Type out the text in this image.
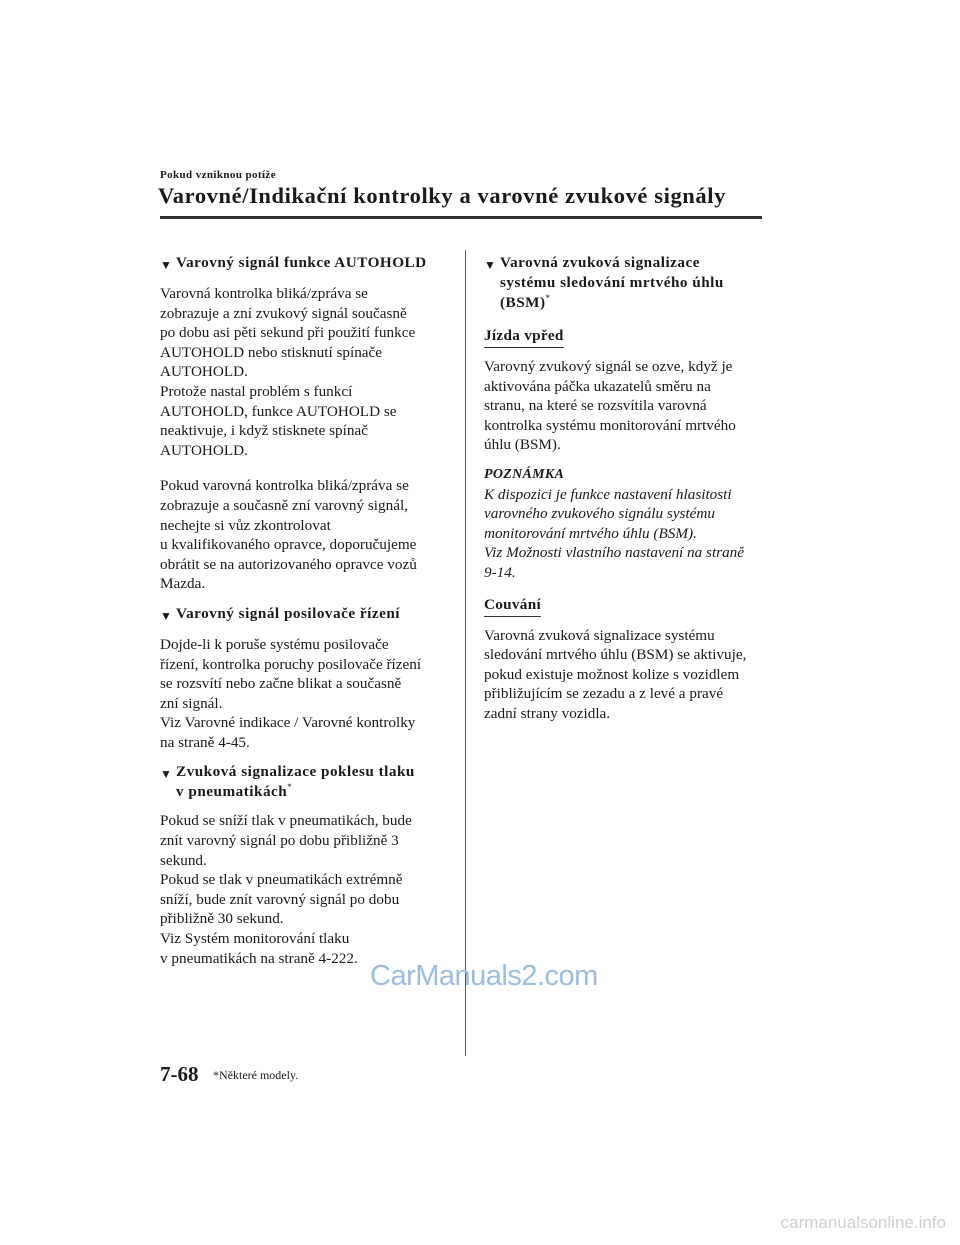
Pokud vzniknou potíže
Varovné/Indikační kontrolky a varovné zvukové signály
▼ Varovný signál funkce AUTOHOLD

Varovná kontrolka bliká/zpráva se
zobrazuje a zní zvukový signál současně
po dobu asi pěti sekund při použití funkce
AUTOHOLD nebo stisknutí spínače
AUTOHOLD.
Protože nastal problém s funkcí
AUTOHOLD, funkce AUTOHOLD se
neaktivuje, i když stisknete spínač
AUTOHOLD.

Pokud varovná kontrolka bliká/zpráva se
zobrazuje a současně zní varovný signál,
nechejte si vůz zkontrolovat
u kvalifikovaného opravce, doporučujeme
obrátit se na autorizovaného opravce vozů
Mazda.

▼ Varovný signál posilovače řízení

Dojde-li k poruše systému posilovače
řízení, kontrolka poruchy posilovače řízení
se rozsvítí nebo začne blikat a současně
zní signál.
Viz Varovné indikace / Varovné kontrolky
na straně 4-45.

▼ Zvuková signalizace poklesu tlaku
v pneumatikách*

Pokud se sníží tlak v pneumatikách, bude
znít varovný signál po dobu přibližně 3
sekund.
Pokud se tlak v pneumatikách extrémně
sníží, bude znít varovný signál po dobu
přibližně 30 sekund.
Viz Systém monitorování tlaku
v pneumatikách na straně 4-222.

▼ Varovná zvuková signalizace
systému sledování mrtvého úhlu
(BSM)*
Jízda vpřed

Varovný zvukový signál se ozve, když je
aktivována páčka ukazatelů směru na
stranu, na které se rozsvítila varovná
kontrolka systému monitorování mrtvého
úhlu (BSM).

POZNÁMKA

K dispozici je funkce nastavení hlasitosti
varovného zvukového signálu systému
monitorování mrtvého úhlu (BSM).
Viz Možnosti vlastního nastavení na straně
9-14.

Couvání

Varovná zvuková signalizace systému
sledování mrtvého úhlu (BSM) se aktivuje,
pokud existuje možnost kolize s vozidlem
přibližujícím se zezadu a z levé a pravé
zadní strany vozidla.

CarManuals2.com
7-68 *Některé modely.
carmanualsonline.info
